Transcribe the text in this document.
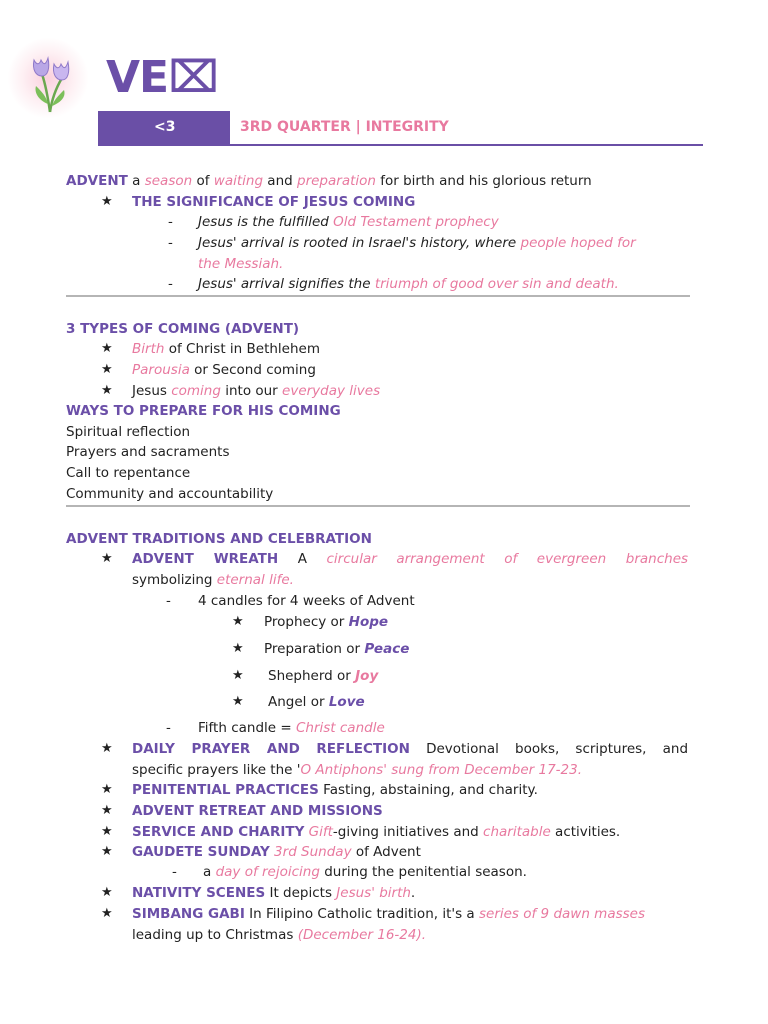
VE⌧
<3	3RD QUARTER | INTEGRITY
ADVENT a season of waiting and preparation for birth and his glorious return
★ THE SIGNIFICANCE OF JESUS COMING
- Jesus is the fulfilled Old Testament prophecy
- Jesus' arrival is rooted in Israel's history, where people hoped for
the Messiah.
- Jesus' arrival signifies the triumph of good over sin and death.
3 TYPES OF COMING (ADVENT)
★ Birth of Christ in Bethlehem
★ Parousia or Second coming
★ Jesus coming into our everyday lives
WAYS TO PREPARE FOR HIS COMING
Spiritual reflection
Prayers and sacraments
Call to repentance
Community and accountability
ADVENT TRADITIONS AND CELEBRATION
★ ADVENT WREATH A circular arrangement of evergreen branches
symbolizing eternal life.
- 4 candles for 4 weeks of Advent
★ Prophecy or Hope
★ Preparation or Peace
★ Shepherd or Joy
★ Angel or Love
- Fifth candle = Christ candle
★ DAILY PRAYER AND REFLECTION Devotional books, scriptures, and
specific prayers like the 'O Antiphons' sung from December 17-23.
★ PENITENTIAL PRACTICES Fasting, abstaining, and charity.
★ ADVENT RETREAT AND MISSIONS
★ SERVICE AND CHARITY Gift-giving initiatives and charitable activities.
★ GAUDETE SUNDAY 3rd Sunday of Advent
- a day of rejoicing during the penitential season.
★ NATIVITY SCENES It depicts Jesus' birth.
★ SIMBANG GABI In Filipino Catholic tradition, it's a series of 9 dawn masses
leading up to Christmas (December 16-24).
